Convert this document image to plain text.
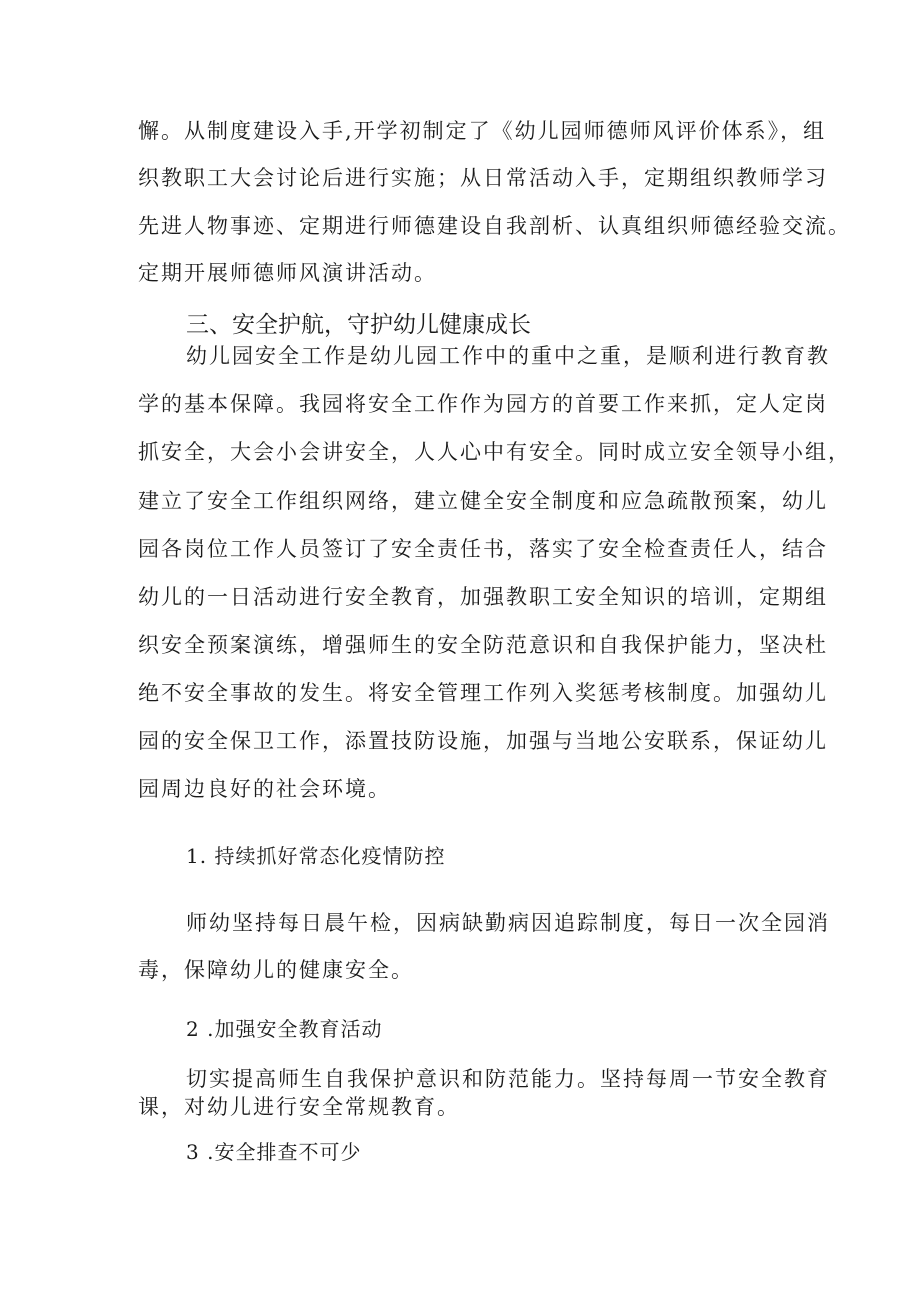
懈。从制度建设入手,开学初制定了《幼儿园师德师风评价体系》，组
织教职工大会讨论后进行实施；从日常活动入手，定期组织教师学习
先进人物事迹、定期进行师德建设自我剖析、认真组织师德经验交流。
定期开展师德师风演讲活动。
三、安全护航，守护幼儿健康成长
幼儿园安全工作是幼儿园工作中的重中之重，是顺利进行教育教
学的基本保障。我园将安全工作作为园方的首要工作来抓，定人定岗
抓安全，大会小会讲安全，人人心中有安全。同时成立安全领导小组，
建立了安全工作组织网络，建立健全安全制度和应急疏散预案，幼儿
园各岗位工作人员签订了安全责任书，落实了安全检查责任人，结合
幼儿的一日活动进行安全教育，加强教职工安全知识的培训，定期组
织安全预案演练，增强师生的安全防范意识和自我保护能力，坚决杜
绝不安全事故的发生。将安全管理工作列入奖惩考核制度。加强幼儿
园的安全保卫工作，添置技防设施，加强与当地公安联系，保证幼儿
园周边良好的社会环境。
1. 持续抓好常态化疫情防控
师幼坚持每日晨午检，因病缺勤病因追踪制度，每日一次全园消
毒，保障幼儿的健康安全。
2 .加强安全教育活动
切实提高师生自我保护意识和防范能力。坚持每周一节安全教育
课，对幼儿进行安全常规教育。
3 .安全排查不可少
